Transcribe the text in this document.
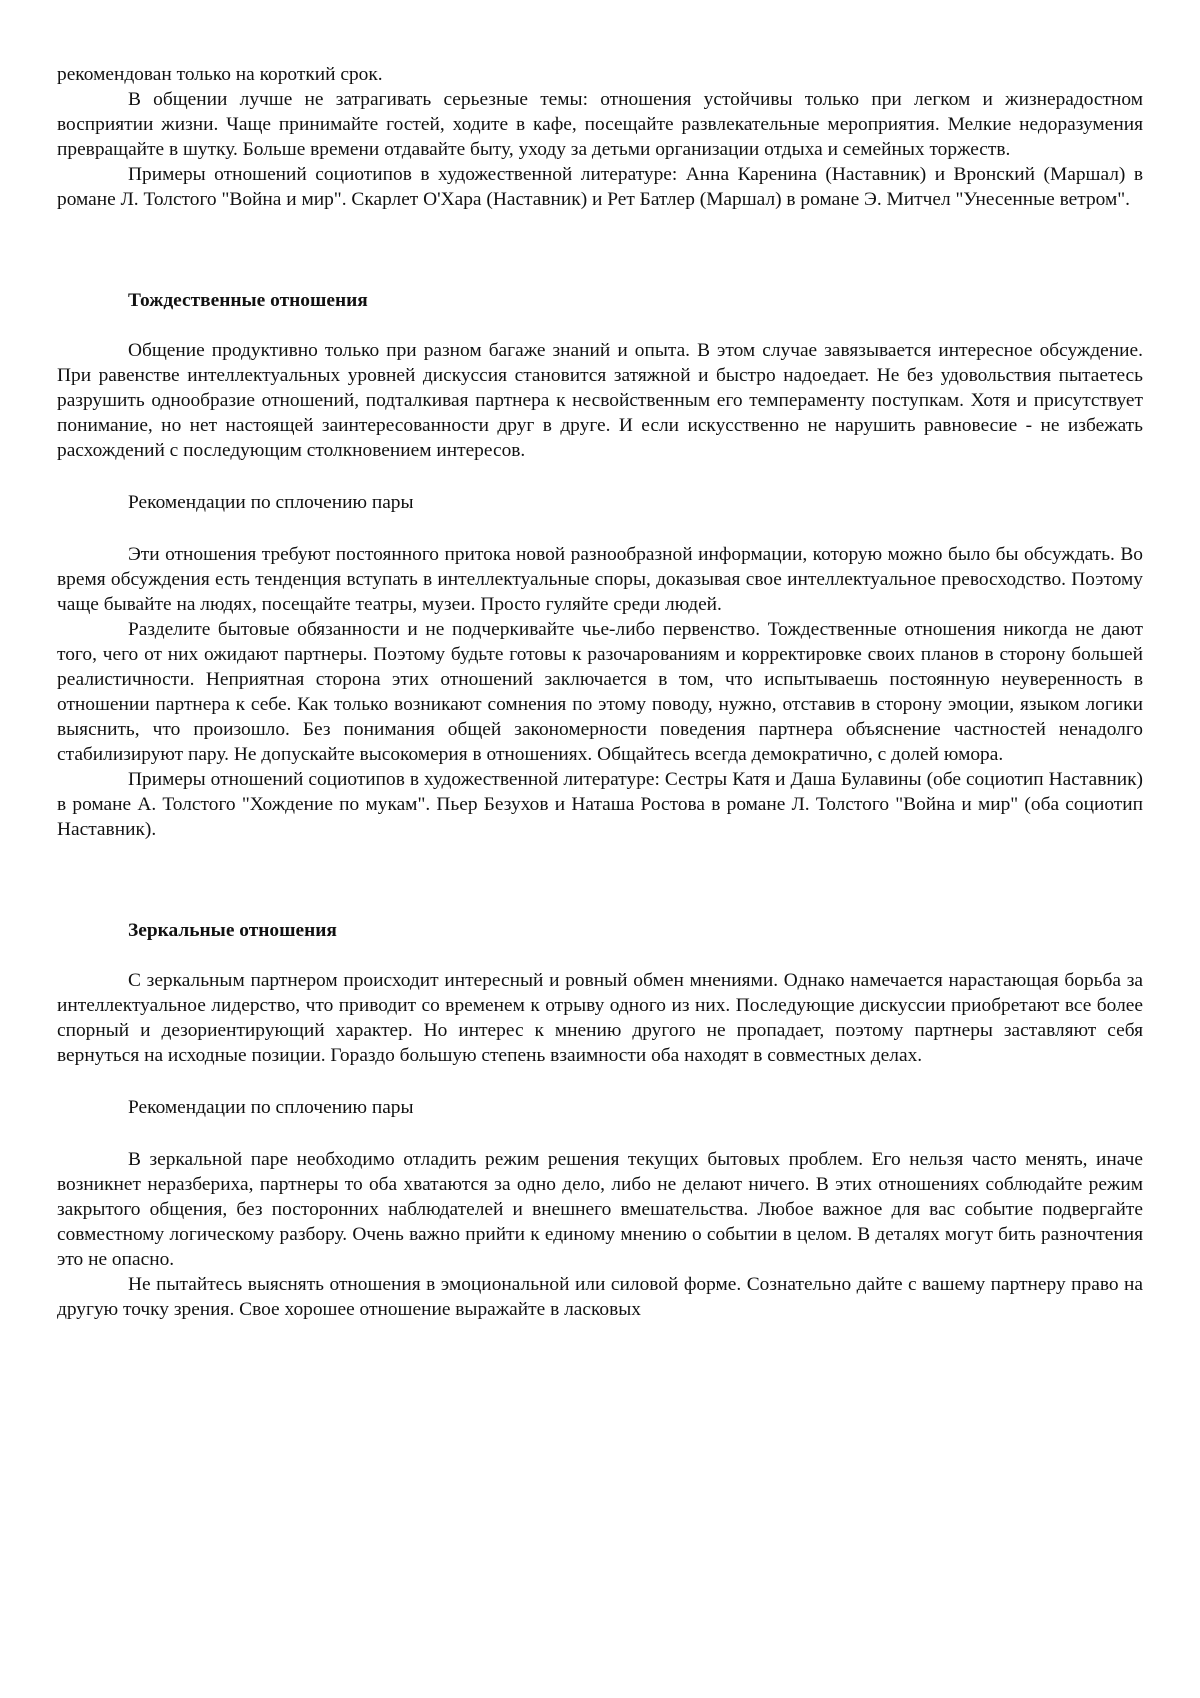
рекомендован только на короткий срок.

В общении лучше не затрагивать серьезные темы: отношения устойчивы только при легком и жизнерадостном восприятии жизни. Чаще принимайте гостей, ходите в кафе, посещайте развлекательные мероприятия. Мелкие недоразумения превращайте в шутку. Больше времени отдавайте быту, уходу за детьми организации отдыха и семейных торжеств.

Примеры отношений социотипов в художественной литературе: Анна Каренина (Наставник) и Вронский (Маршал) в романе Л. Толстого "Война и мир". Скарлет О'Хара (Наставник) и Рет Батлер (Маршал) в романе Э. Митчел "Унесенные ветром".

Тождественные отношения

Общение продуктивно только при разном багаже знаний и опыта. В этом случае завязывается интересное обсуждение. При равенстве интеллектуальных уровней дискуссия становится затяжной и быстро надоедает. Не без удовольствия пытаетесь разрушить однообразие отношений, подталкивая партнера к несвойственным его темпераменту поступкам. Хотя и присутствует понимание, но нет настоящей заинтересованности друг в друге. И если искусственно не нарушить равновесие - не избежать расхождений с последующим столкновением интересов.

Рекомендации по сплочению пары

Эти отношения требуют постоянного притока новой разнообразной информации, которую можно было бы обсуждать. Во время обсуждения есть тенденция вступать в интеллектуальные споры, доказывая свое интеллектуальное превосходство. Поэтому чаще бывайте на людях, посещайте театры, музеи. Просто гуляйте среди людей.

Разделите бытовые обязанности и не подчеркивайте чье-либо первенство. Тождественные отношения никогда не дают того, чего от них ожидают партнеры. Поэтому будьте готовы к разочарованиям и корректировке своих планов в сторону большей реалистичности. Неприятная сторона этих отношений заключается в том, что испытываешь постоянную неуверенность в отношении партнера к себе. Как только возникают сомнения по этому поводу, нужно, отставив в сторону эмоции, языком логики выяснить, что произошло. Без понимания общей закономерности поведения партнера объяснение частностей ненадолго стабилизируют пару. Не допускайте высокомерия в отношениях. Общайтесь всегда демократично, с долей юмора.

Примеры отношений социотипов в художественной литературе: Сестры Катя и Даша Булавины (обе социотип Наставник) в романе А. Толстого "Хождение по мукам". Пьер Безухов и Наташа Ростова в романе Л. Толстого "Война и мир" (оба социотип Наставник).

Зеркальные отношения

С зеркальным партнером происходит интересный и ровный обмен мнениями. Однако намечается нарастающая борьба за интеллектуальное лидерство, что приводит со временем к отрыву одного из них. Последующие дискуссии приобретают все более спорный и дезориентирующий характер. Но интерес к мнению другого не пропадает, поэтому партнеры заставляют себя вернуться на исходные позиции. Гораздо большую степень взаимности оба находят в совместных делах.

Рекомендации по сплочению пары

В зеркальной паре необходимо отладить режим решения текущих бытовых проблем. Его нельзя часто менять, иначе возникнет неразбериха, партнеры то оба хватаются за одно дело, либо не делают ничего. В этих отношениях соблюдайте режим закрытого общения, без посторонних наблюдателей и внешнего вмешательства. Любое важное для вас событие подвергайте совместному логическому разбору. Очень важно прийти к единому мнению о событии в целом. В деталях могут бить разночтения это не опасно.

Не пытайтесь выяснять отношения в эмоциональной или силовой форме. Сознательно дайте с вашему партнеру право на другую точку зрения. Свое хорошее отношение выражайте в ласковых
